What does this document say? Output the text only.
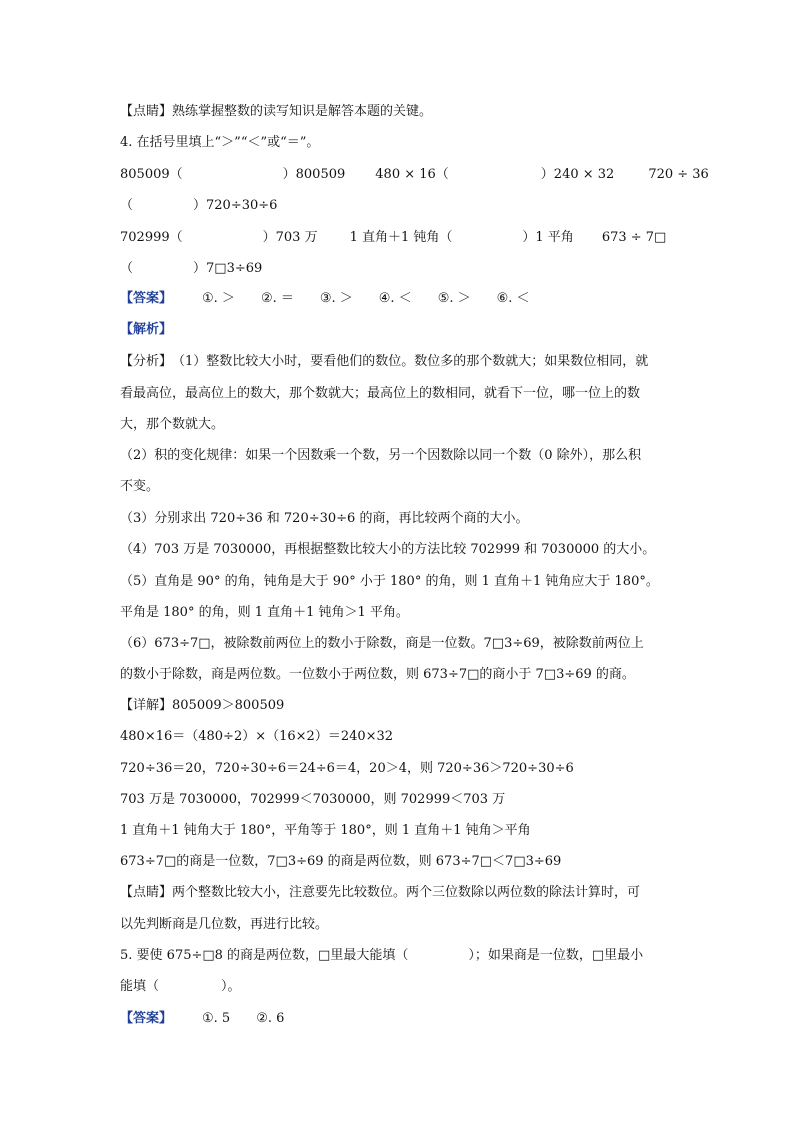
【点睛】熟练掌握整数的读写知识是解答本题的关键。
4. 在括号里填上“＞”“＜”或“＝”。
805009（	）800509 480 × 16（	）240 × 32	720 ÷ 36
（	）720÷30÷6
702999（	）703 万 1 直角＋1 钝角（	）1 平角 673 ÷ 7□
（	）7□3÷69
【答案】 ①. ＞ ②. ＝ ③. ＞ ④. ＜ ⑤. ＞ ⑥. ＜
【解析】
【分析】（1）整数比较大小时，要看他们的数位。数位多的那个数就大；如果数位相同，就
看最高位，最高位上的数大，那个数就大；最高位上的数相同，就看下一位，哪一位上的数
大，那个数就大。
（2）积的变化规律：如果一个因数乘一个数，另一个因数除以同一个数（0 除外），那么积
不变。
（3）分别求出 720÷36 和 720÷30÷6 的商，再比较两个商的大小。
（4）703 万是 7030000，再根据整数比较大小的方法比较 702999 和 7030000 的大小。
（5）直角是 90° 的角，钝角是大于 90° 小于 180° 的角，则 1 直角＋1 钝角应大于 180°。
平角是 180° 的角，则 1 直角＋1 钝角＞1 平角。
（6）673÷7□，被除数前两位上的数小于除数，商是一位数。7□3÷69，被除数前两位上
的数小于除数，商是两位数。一位数小于两位数，则 673÷7□的商小于 7□3÷69 的商。
【详解】805009＞800509
480×16＝（480÷2）×（16×2）＝240×32
720÷36＝20，720÷30÷6＝24÷6＝4，20＞4，则 720÷36＞720÷30÷6
703 万是 7030000，702999＜7030000，则 702999＜703 万
1 直角＋1 钝角大于 180°，平角等于 180°，则 1 直角＋1 钝角＞平角
673÷7□的商是一位数，7□3÷69 的商是两位数，则 673÷7□＜7□3÷69
【点睛】两个整数比较大小，注意要先比较数位。两个三位数除以两位数的除法计算时，可
以先判断商是几位数，再进行比较。
5. 要使 675÷□8 的商是两位数，□里最大能填（	）；如果商是一位数，□里最小
能填（	）。
【答案】 ①. 5 ②. 6
